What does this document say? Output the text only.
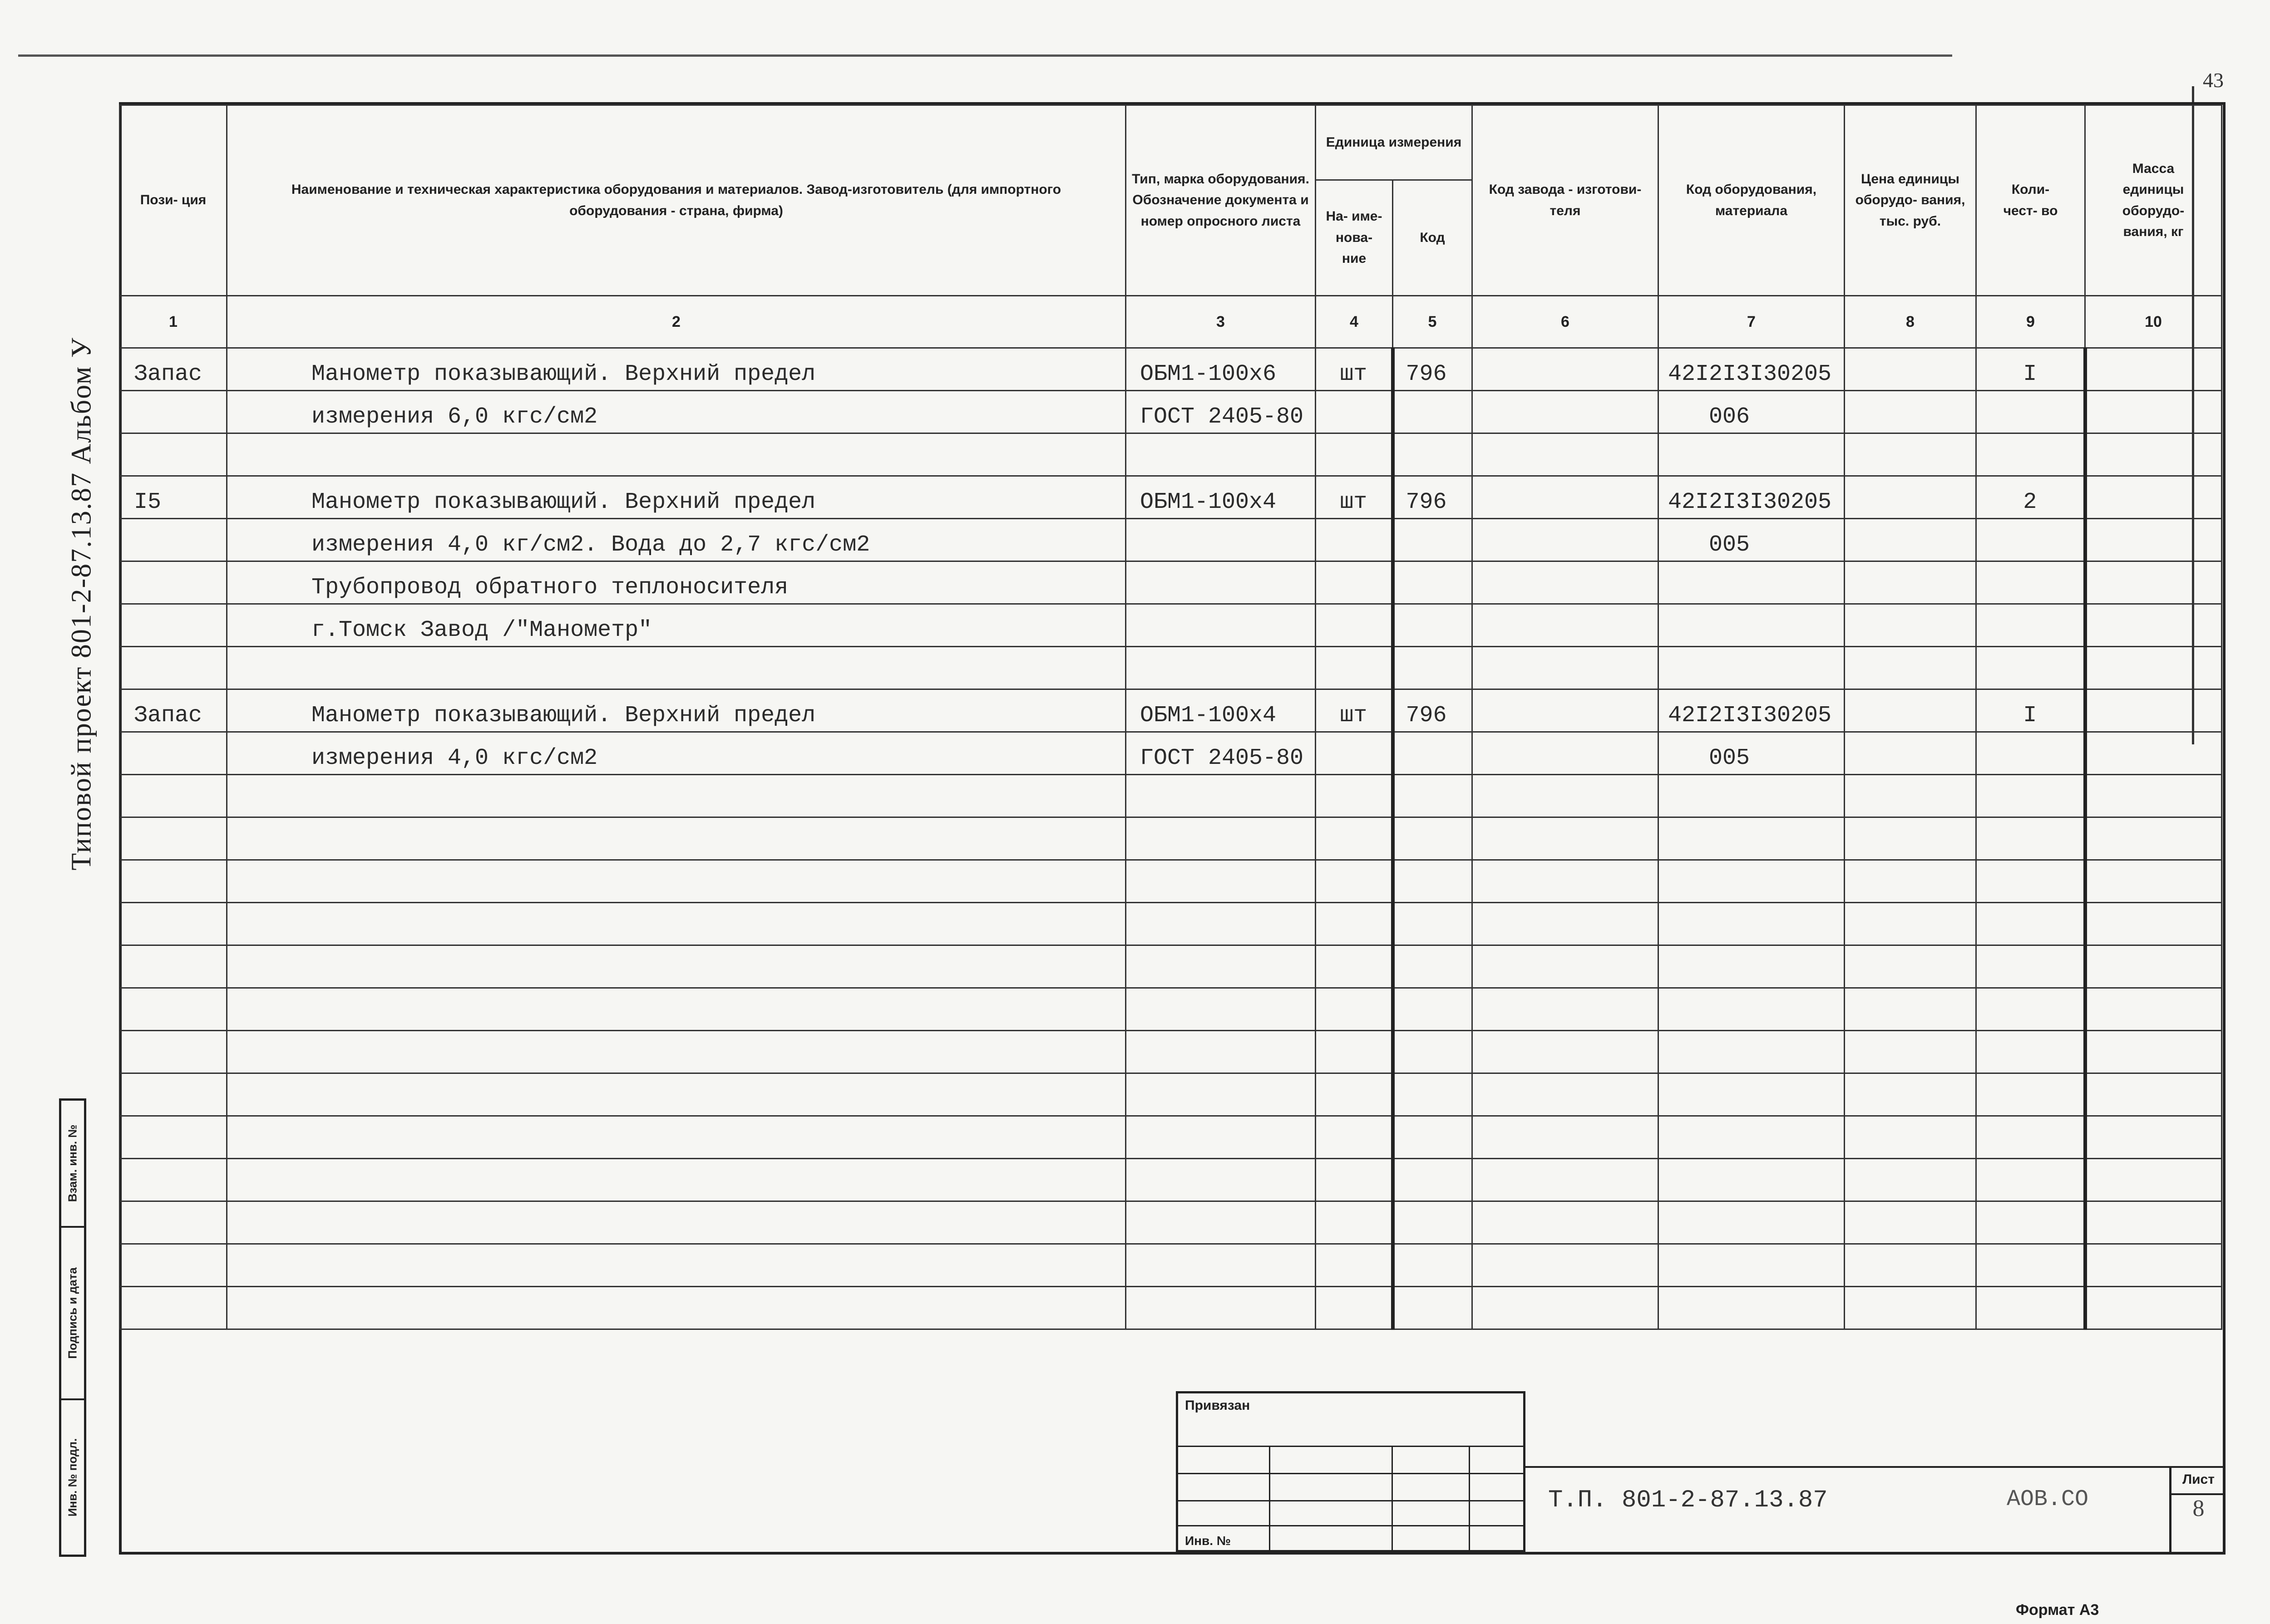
43
Типовой проект 801-2-87.13.87 Альбом У
Взам. инв. №
Подпись и дата
Инв. № подл.
Пози- ция	Наименование и техническая характеристика оборудования и материалов. Завод-изготовитель (для импортного оборудования - страна, фирма)	Тип, марка оборудования. Обозначение документа и номер опросного листа	Единица измерения		Код завода - изготови- теля	Код оборудования, материала	Цена единицы оборудо- вания, тыс. руб.	Коли- чест- во	Масса единицы оборудо- вания, кг
			На- име- нова- ние	Код					
1	2	3	4	5	6	7	8	9	10
Запас	Манометр показывающий. Верхний предел	ОБМ1-100х6	шт	796		42I2I3I30205		I	
	измерения 6,0 кгс/см2	ГОСТ 2405-80				006			

I5	Манометр показывающий. Верхний предел	ОБМ1-100х4	шт	796		42I2I3I30205		2	
	измерения 4,0 кг/см2. Вода до 2,7 кгс/см2					005			
	Трубопровод обратного теплоносителя								
	г.Томск Завод /"Манометр"								

Запас	Манометр показывающий. Верхний предел	ОБМ1-100х4	шт	796		42I2I3I30205		I	
	измерения 4,0 кгс/см2	ГОСТ 2405-80				005			

Привязан
Инв. №
Т.П. 801-2-87.13.87	АОВ.СО
Лист
8
Формат А3
